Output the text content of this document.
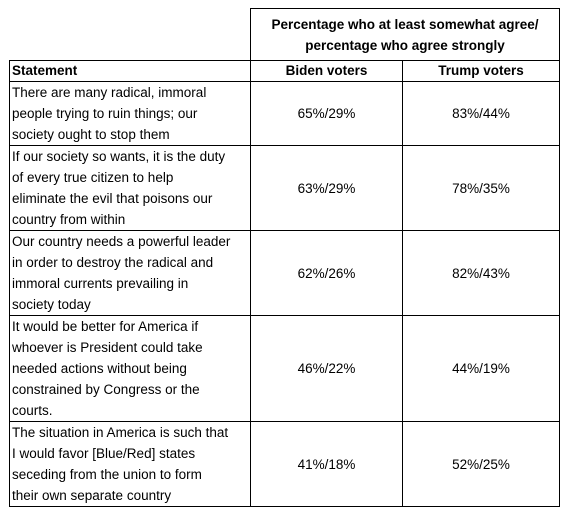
	Percentage who at least somewhat agree/
percentage who agree strongly	

Statement	Biden voters	Trump voters

There are many radical, immoral
people trying to ruin things; our
society ought to stop them	65%/29%	83%/44%

If our society so wants, it is the duty
of every true citizen to help
eliminate the evil that poisons our
country from within	63%/29%	78%/35%

Our country needs a powerful leader
in order to destroy the radical and
immoral currents prevailing in
society today	62%/26%	82%/43%

It would be better for America if
whoever is President could take
needed actions without being
constrained by Congress or the
courts.	46%/22%	44%/19%

The situation in America is such that
I would favor [Blue/Red] states
seceding from the union to form
their own separate country	41%/18%	52%/25%
